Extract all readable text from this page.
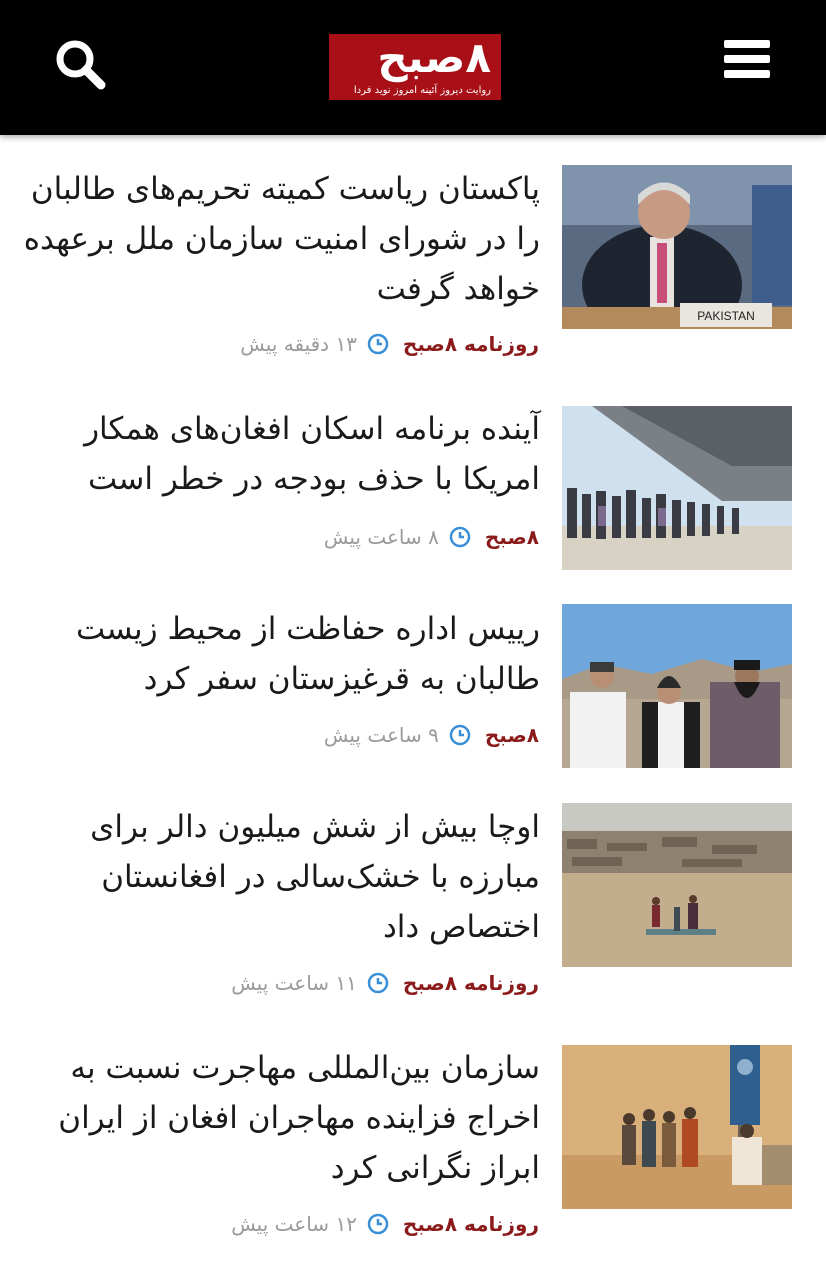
۸صبح
روایت دیروز آئینه امروز نوید فردا
PAKISTAN
پاکستان ریاست کمیته تحریم‌های طالبان را در شورای امنیت سازمان ملل برعهده خواهد گرفت
روزنامه ۸صبح
۱۳ دقیقه پیش
آینده برنامه اسکان افغان‌های همکار امریکا با حذف بودجه در خطر است
۸صبح
۸ ساعت پیش
رییس اداره حفاظت از محیط زیست طالبان به قرغیزستان سفر کرد
۸صبح
۹ ساعت پیش
اوچا بیش از شش میلیون دالر برای مبارزه با خشک‌سالی در افغانستان اختصاص داد
روزنامه ۸صبح
۱۱ ساعت پیش
سازمان بین‌المللی مهاجرت نسبت به اخراج فزاینده مهاجران افغان از ایران ابراز نگرانی کرد
روزنامه ۸صبح
۱۲ ساعت پیش
